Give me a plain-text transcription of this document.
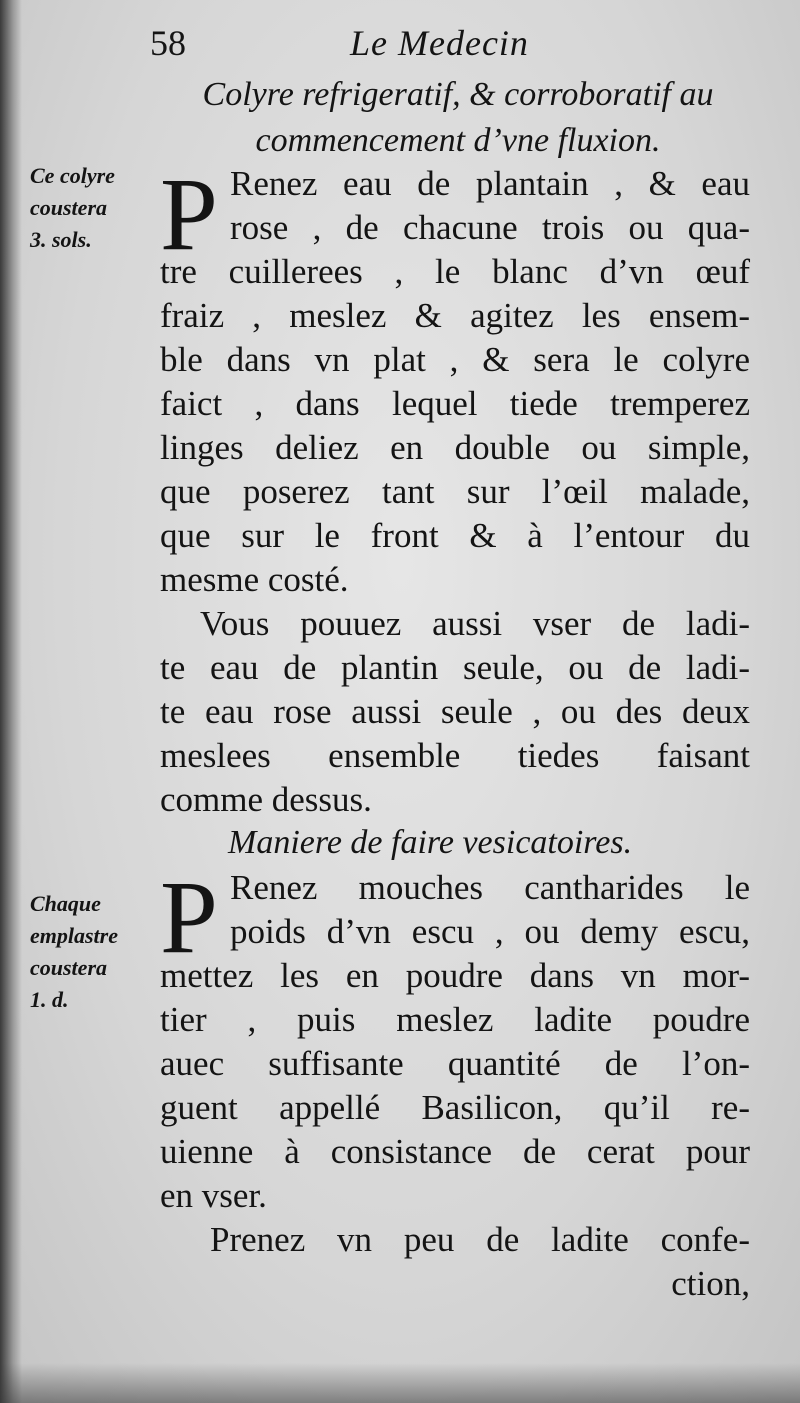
58	Le Medecin
Colyre refrigeratif, & corroboratif au
commencement d’vne fluxion.
Ce colyre
coustera
3. sols. P Renez eau de plantain , & eau
rose , de chacune trois ou qua-
tre cuillerees , le blanc d’vn œuf
fraiz , meslez & agitez les ensem-
ble dans vn plat , & sera le colyre
faict , dans lequel tiede tremperez
linges deliez en double ou simple,
que poserez tant sur l’œil malade,
que sur le front & à l’entour du
mesme costé.
Vous pouuez aussi vser de ladi-
te eau de plantin seule, ou de ladi-
te eau rose aussi seule , ou des deux
meslees ensemble tiedes faisant
comme dessus.
Maniere de faire vesicatoires.
Chaque
emplastre
coustera
1. d.
P Renez mouches cantharides le
poids d’vn escu , ou demy escu,
mettez les en poudre dans vn mor-
tier , puis meslez ladite poudre
auec suffisante quantité de l’on-
guent appellé Basilicon, qu’il re-
uienne à consistance de cerat pour
en vser.
Prenez vn peu de ladite confe-
ction,
